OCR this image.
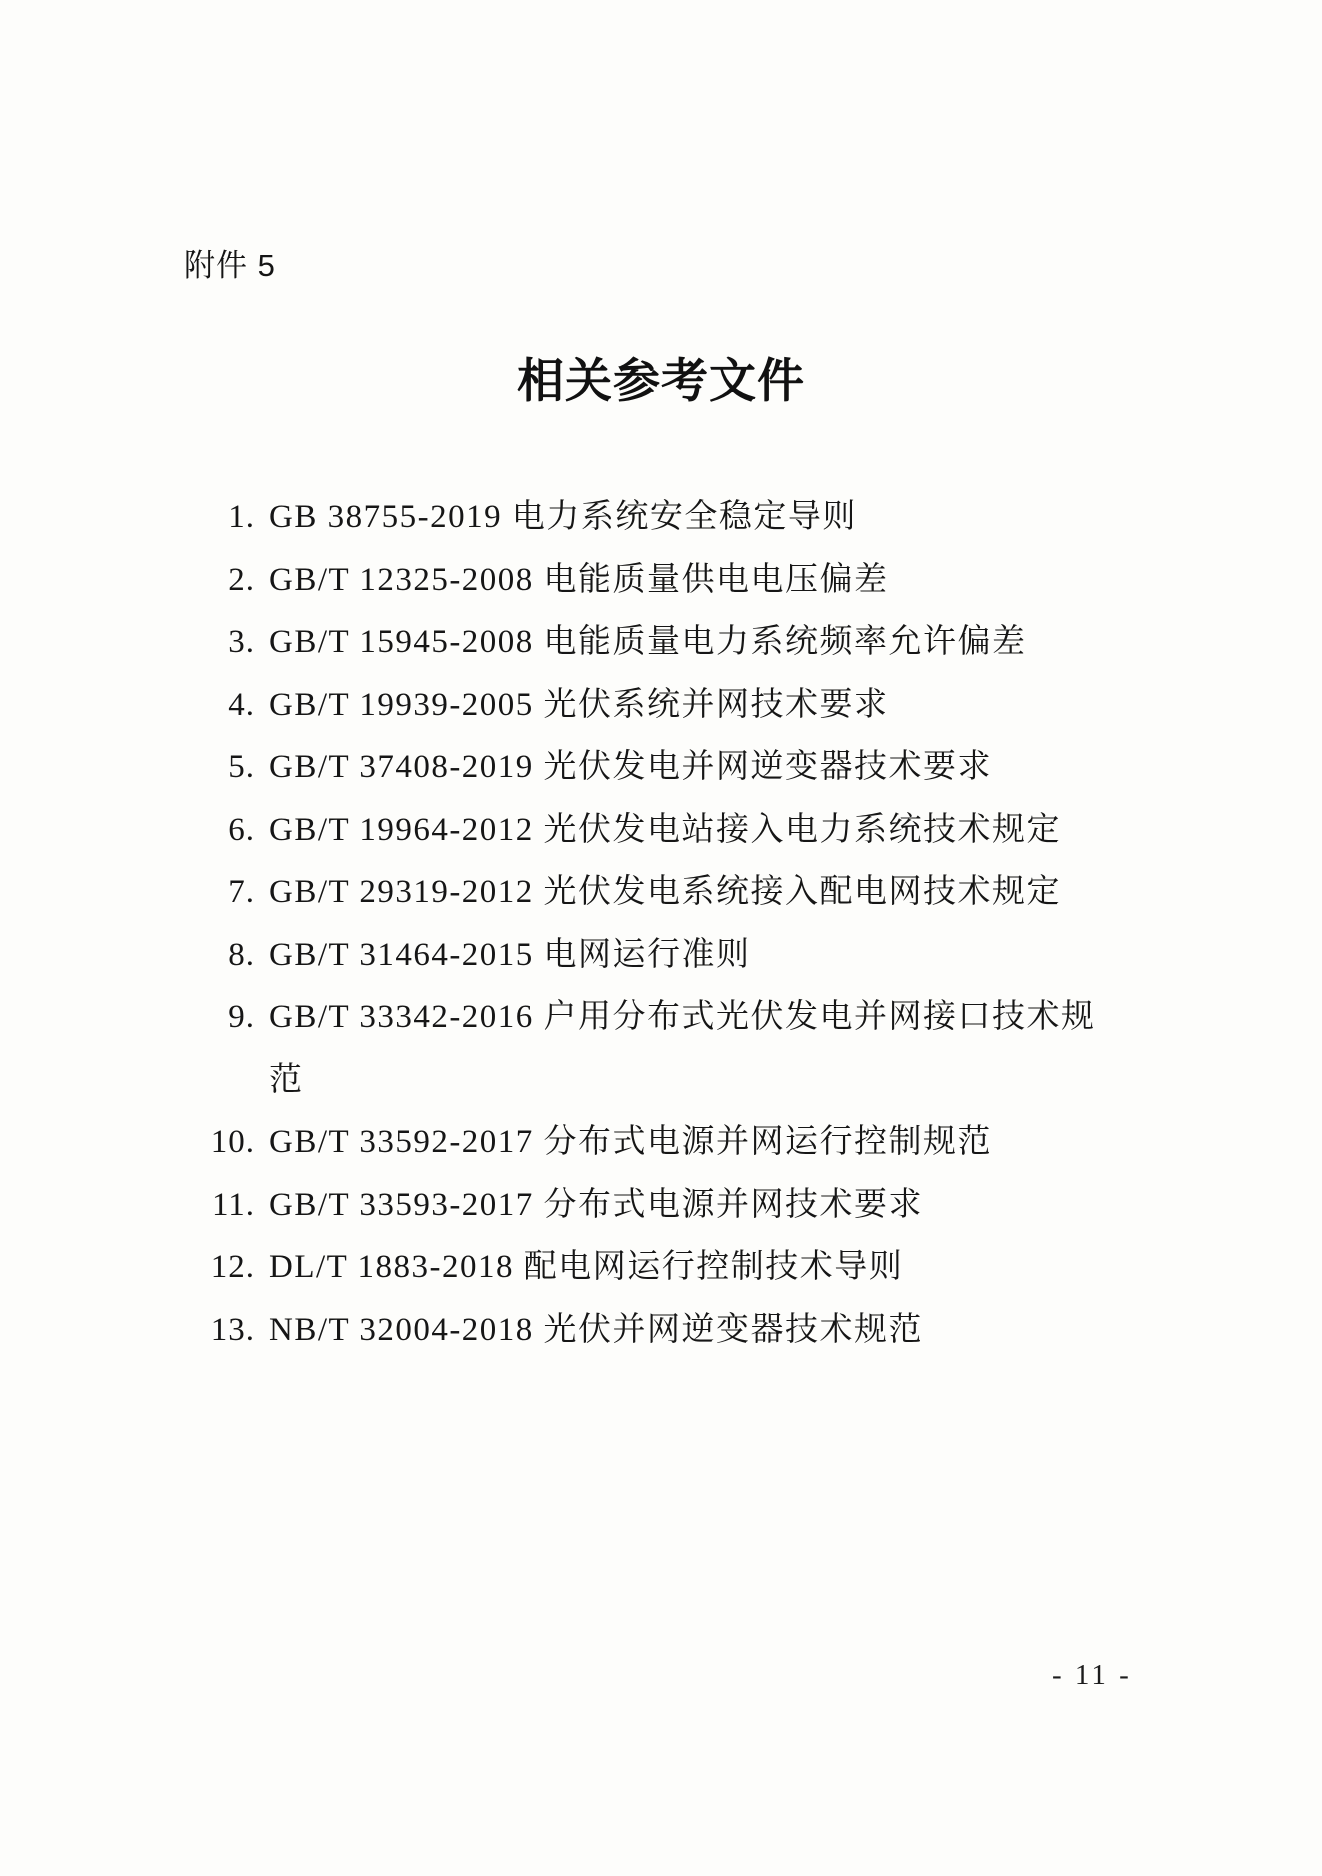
附件 5
相关参考文件
1. GB 38755-2019 电力系统安全稳定导则
2. GB/T 12325-2008 电能质量供电电压偏差
3. GB/T 15945-2008 电能质量电力系统频率允许偏差
4. GB/T 19939-2005 光伏系统并网技术要求
5. GB/T 37408-2019 光伏发电并网逆变器技术要求
6. GB/T 19964-2012 光伏发电站接入电力系统技术规定
7. GB/T 29319-2012 光伏发电系统接入配电网技术规定
8. GB/T 31464-2015 电网运行准则
9. GB/T 33342-2016 户用分布式光伏发电并网接口技术规范
10. GB/T 33592-2017 分布式电源并网运行控制规范
11. GB/T 33593-2017 分布式电源并网技术要求
12. DL/T 1883-2018 配电网运行控制技术导则
13. NB/T 32004-2018 光伏并网逆变器技术规范
- 11 -
